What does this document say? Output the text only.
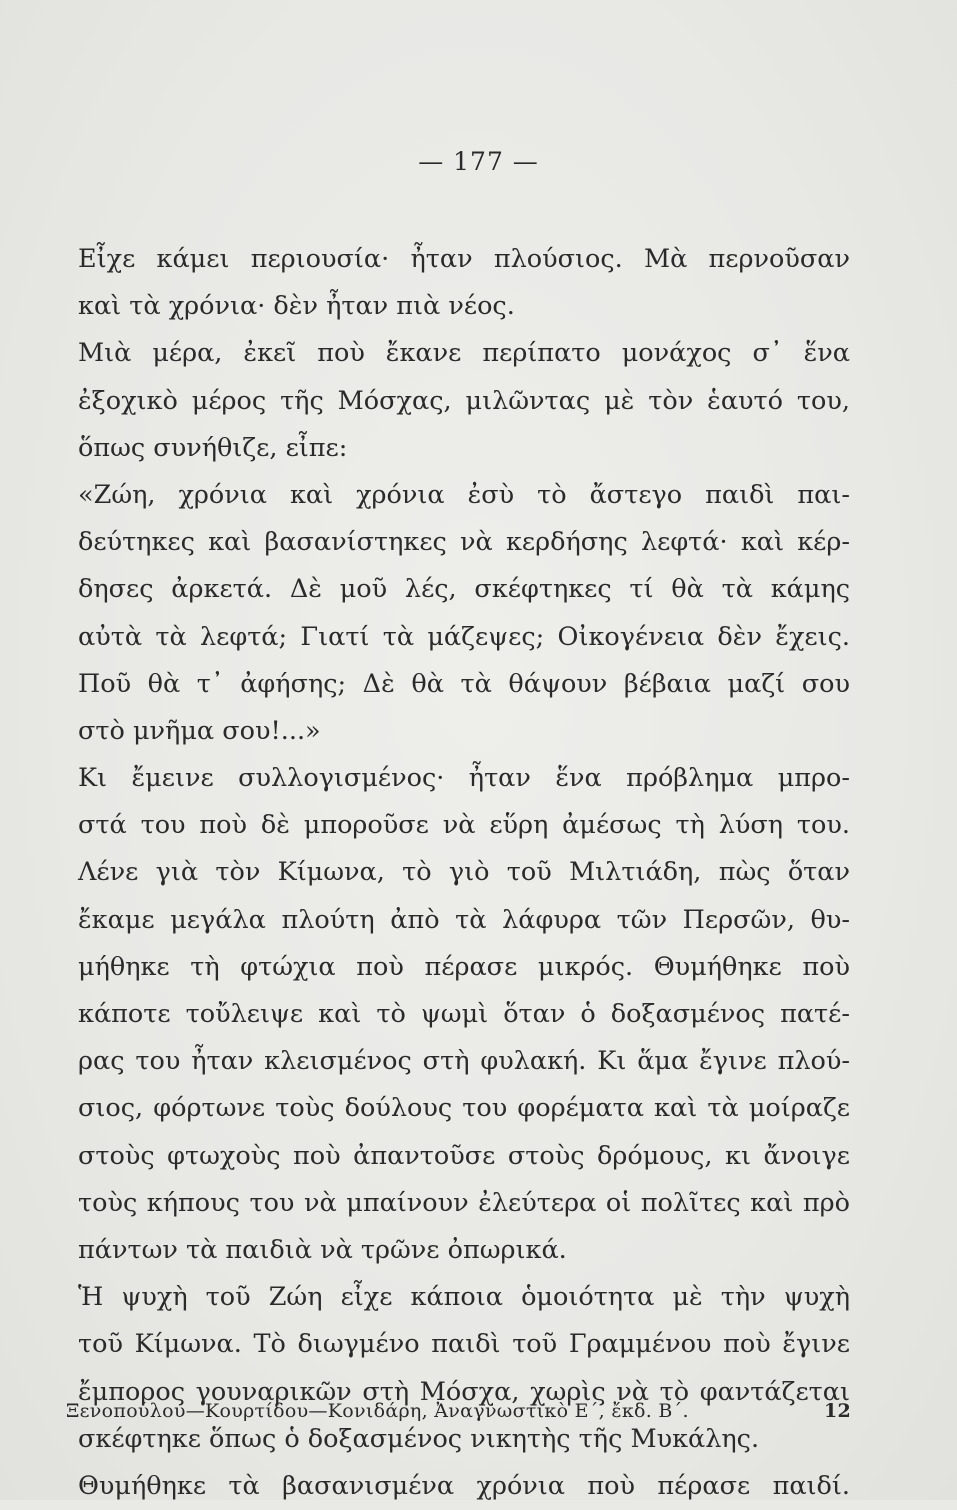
— 177 —
Εἶχε κάμει περιουσία· ἦταν πλούσιος. Μὰ περνοῦσαν
καὶ τὰ χρόνια· δὲν ἦταν πιὰ νέος.
Μιὰ μέρα, ἐκεῖ ποὺ ἔκανε περίπατο μονάχος σ᾽ ἕνα
ἐξοχικὸ μέρος τῆς Μόσχας, μιλῶντας μὲ τὸν ἑαυτό του,
ὅπως συνήθιζε, εἶπε:
«Ζώη, χρόνια καὶ χρόνια ἐσὺ τὸ ἄστεγο παιδὶ παι-
δεύτηκες καὶ βασανίστηκες νὰ κερδήσης λεφτά· καὶ κέρ-
δησες ἀρκετά. Δὲ μοῦ λές, σκέφτηκες τί θὰ τὰ κάμης
αὐτὰ τὰ λεφτά; Γιατί τὰ μάζεψες; Οἰκογένεια δὲν ἔχεις.
Ποῦ θὰ τ᾽ ἀφήσης; Δὲ θὰ τὰ θάψουν βέβαια μαζί σου
στὸ μνῆμα σου!...»
Κι ἔμεινε συλλογισμένος· ἦταν ἕνα πρόβλημα μπρο-
στά του ποὺ δὲ μποροῦσε νὰ εὕρη ἀμέσως τὴ λύση του.
Λένε γιὰ τὸν Κίμωνα, τὸ γιὸ τοῦ Μιλτιάδη, πὼς ὅταν
ἔκαμε μεγάλα πλούτη ἀπὸ τὰ λάφυρα τῶν Περσῶν, θυ-
μήθηκε τὴ φτώχια ποὺ πέρασε μικρός. Θυμήθηκε ποὺ
κάποτε τοὔλειψε καὶ τὸ ψωμὶ ὅταν ὁ δοξασμένος πατέ-
ρας του ἦταν κλεισμένος στὴ φυλακή. Κι ἅμα ἔγινε πλού-
σιος, φόρτωνε τοὺς δούλους του φορέματα καὶ τὰ μοίραζε
στοὺς φτωχοὺς ποὺ ἀπαντοῦσε στοὺς δρόμους, κι ἄνοιγε
τοὺς κήπους του νὰ μπαίνουν ἐλεύτερα οἱ πολῖτες καὶ πρὸ
πάντων τὰ παιδιὰ νὰ τρῶνε ὀπωρικά.
Ἡ ψυχὴ τοῦ Ζώη εἶχε κάποια ὁμοιότητα μὲ τὴν ψυχὴ
τοῦ Κίμωνα. Τὸ διωγμένο παιδὶ τοῦ Γραμμένου ποὺ ἔγινε
ἔμπορος γουναρικῶν στὴ Μόσχα, χωρὶς νὰ τὸ φαντάζεται
σκέφτηκε ὅπως ὁ δοξασμένος νικητὴς τῆς Μυκάλης.
Θυμήθηκε τὰ βασανισμένα χρόνια ποὺ πέρασε παιδί.
Ξενοπούλου—Κουρτίδου—Κονιδάρη, Ἀναγνωστικὸ Ε΄, ἔκδ. Β΄.	12
